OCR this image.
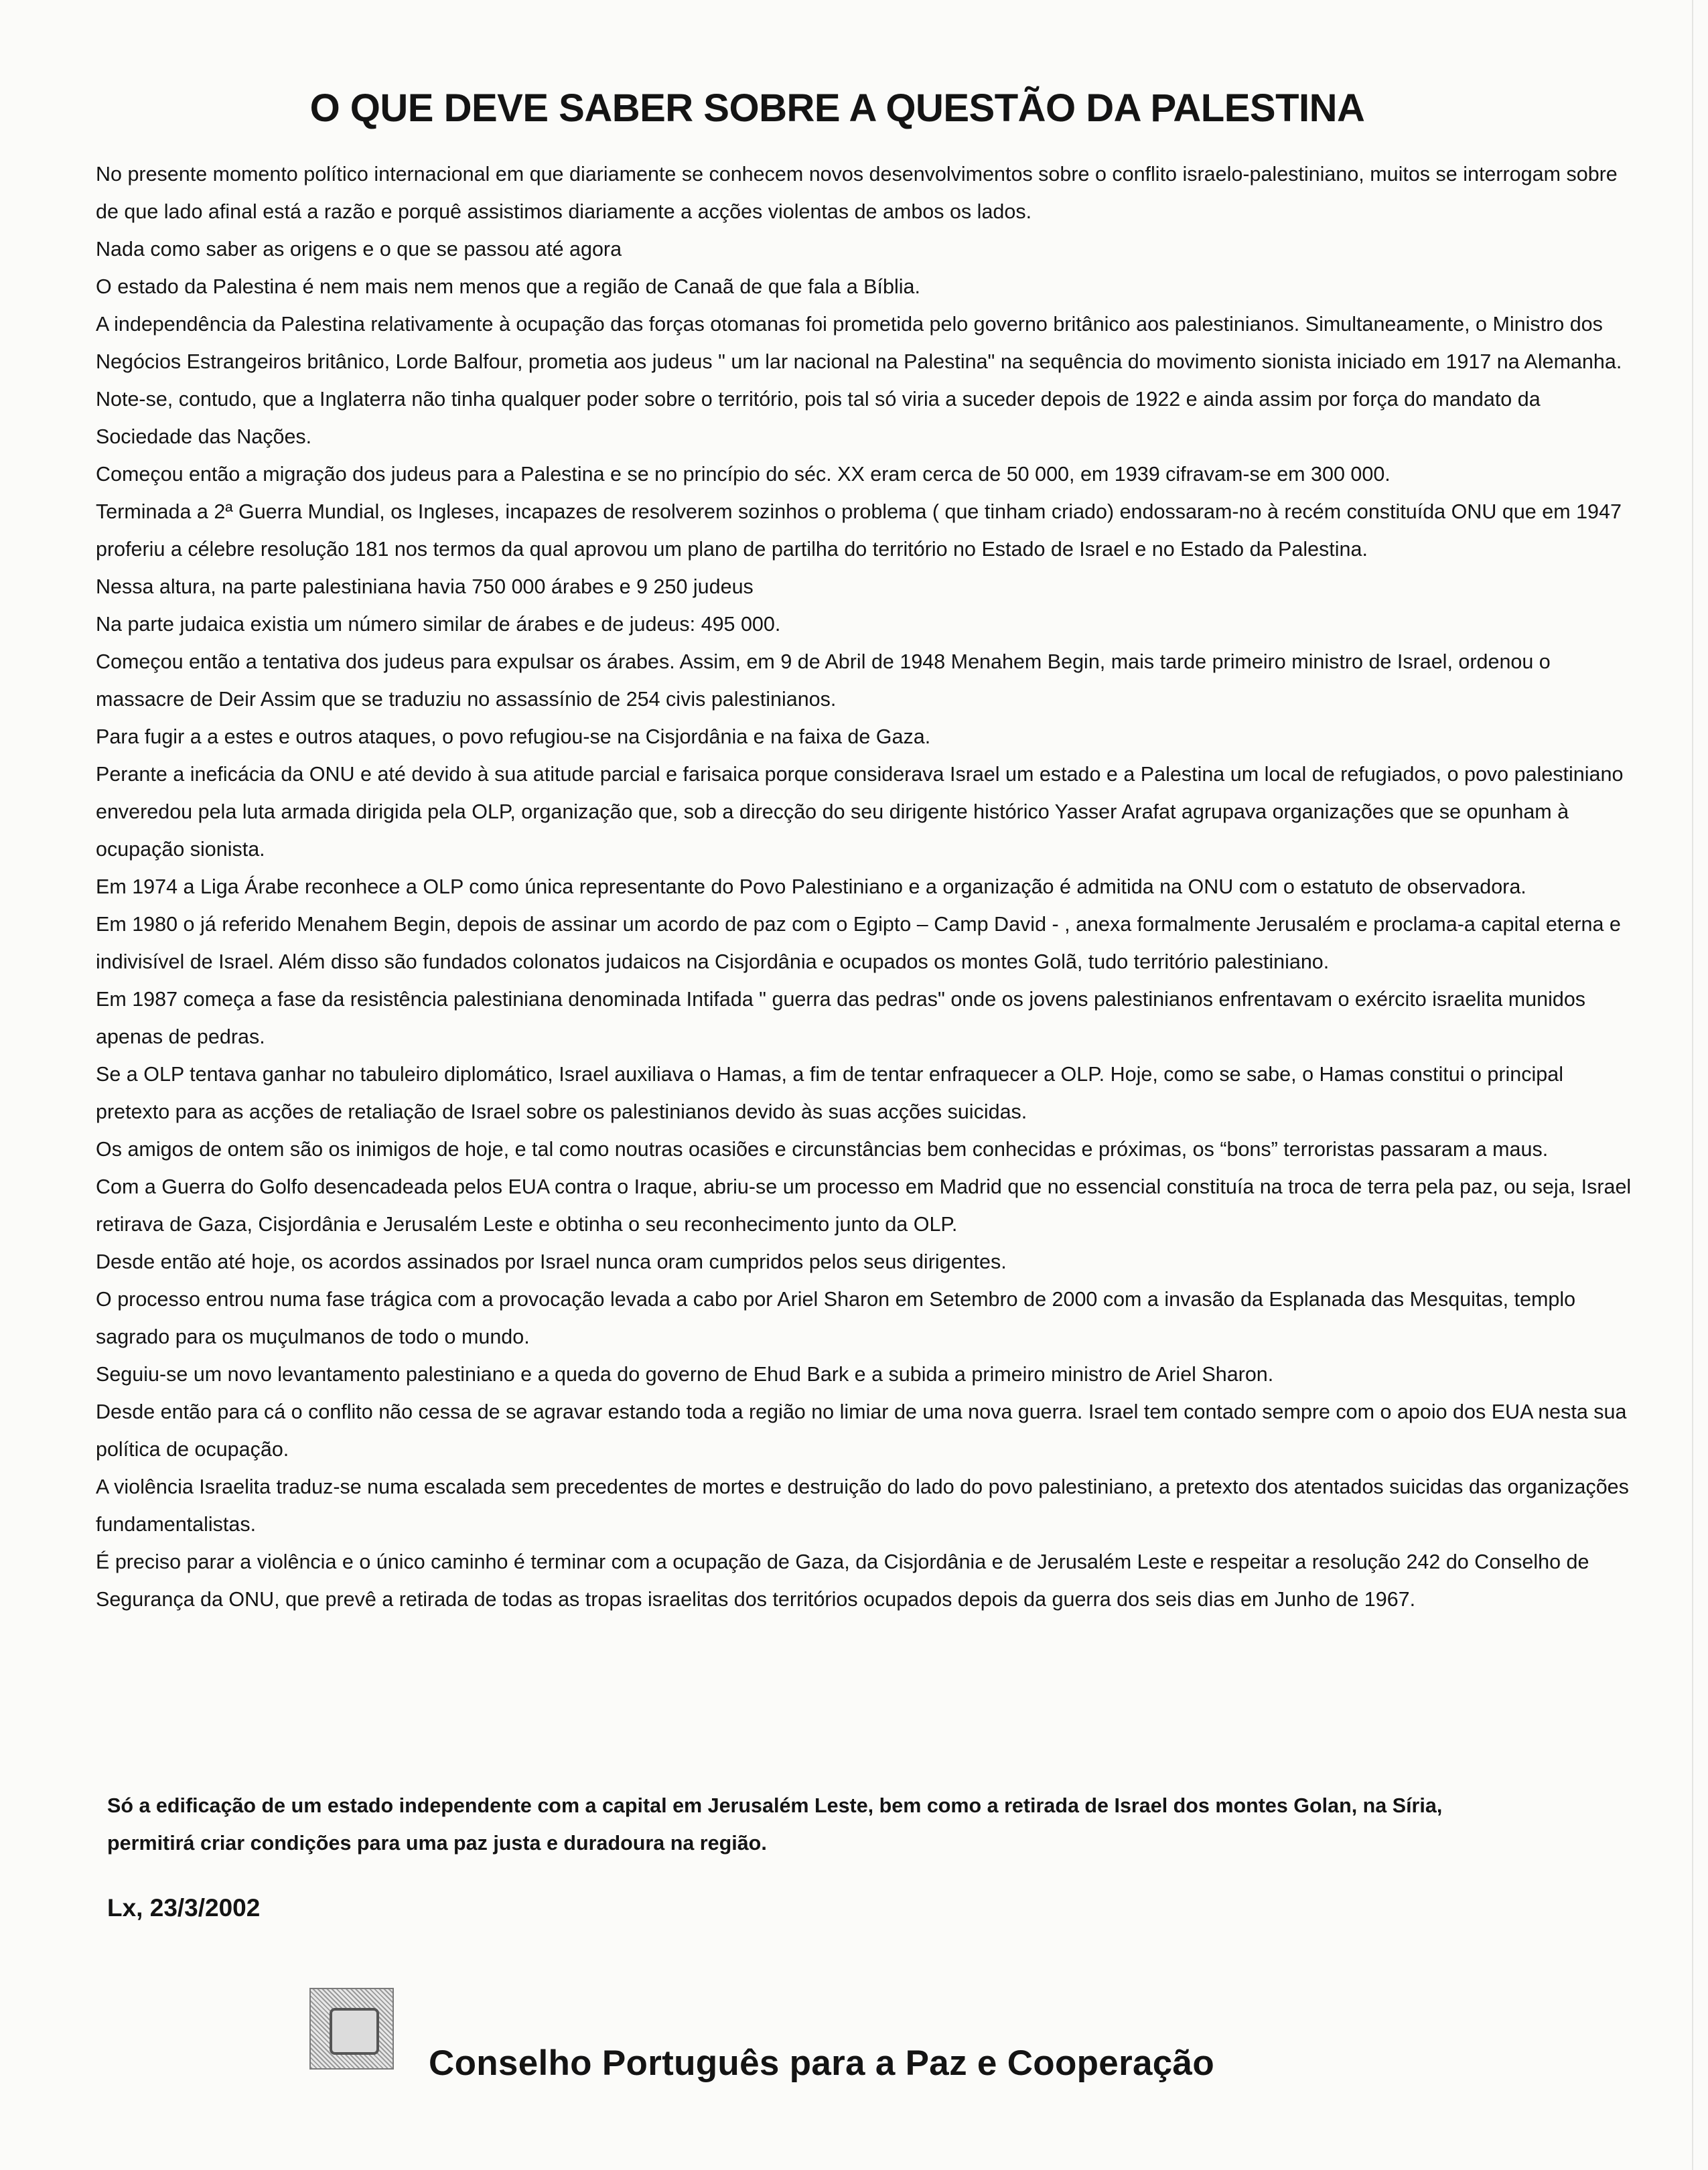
O QUE DEVE SABER SOBRE A QUESTÃO DA PALESTINA

No presente momento político internacional em que diariamente se conhecem novos desenvolvimentos sobre o conflito israelo-palestiniano, muitos se interrogam sobre de que lado afinal está a razão e porquê assistimos diariamente a acções violentas de ambos os lados.

Nada como saber as origens e o que se passou até agora

O estado da Palestina é nem mais nem menos que a região de Canaã de que fala a Bíblia.

A independência da Palestina relativamente à ocupação das forças otomanas foi prometida pelo governo britânico aos palestinianos. Simultaneamente, o Ministro dos Negócios Estrangeiros britânico, Lorde Balfour, prometia aos judeus " um lar nacional na Palestina" na sequência do movimento sionista iniciado em 1917 na Alemanha.

Note-se, contudo, que a Inglaterra não tinha qualquer poder sobre o território, pois tal só viria a suceder depois de 1922 e ainda assim por força do mandato da Sociedade das Nações.

Começou então a migração dos judeus para a Palestina e se no princípio do séc. XX eram cerca de 50 000, em 1939 cifravam-se em 300 000.

Terminada a 2ª Guerra Mundial, os Ingleses, incapazes de resolverem sozinhos o problema ( que tinham criado) endossaram-no à recém constituída ONU que em 1947 proferiu a célebre resolução 181 nos termos da qual aprovou um plano de partilha do território no Estado de Israel e no Estado da Palestina.

Nessa altura, na parte palestiniana havia 750 000 árabes e 9 250 judeus

Na parte judaica existia um número similar de árabes e de judeus: 495 000.

Começou então a tentativa dos judeus para expulsar os árabes. Assim, em 9 de Abril de 1948 Menahem Begin, mais tarde primeiro ministro de Israel, ordenou o massacre de Deir Assim que se traduziu no assassínio de 254 civis palestinianos.

Para fugir a a estes e outros ataques, o povo refugiou-se na Cisjordânia e na faixa de Gaza.

Perante a ineficácia da ONU e até devido à sua atitude parcial e farisaica porque considerava Israel um estado e a Palestina um local de refugiados, o povo palestiniano enveredou pela luta armada dirigida pela OLP, organização que, sob a direcção do seu dirigente histórico Yasser Arafat agrupava organizações que se opunham à ocupação sionista.

Em 1974 a Liga Árabe reconhece a OLP como única representante do Povo Palestiniano e a organização é admitida na ONU com o estatuto de observadora.

Em 1980 o já referido Menahem Begin, depois de assinar um acordo de paz com o Egipto – Camp David - , anexa formalmente Jerusalém e proclama-a capital eterna e indivisível de Israel. Além disso são fundados colonatos judaicos na Cisjordânia e ocupados os montes Golã, tudo território palestiniano.

Em 1987 começa a fase da resistência palestiniana denominada Intifada " guerra das pedras" onde os jovens palestinianos enfrentavam o exército israelita munidos apenas de pedras.

Se a OLP tentava ganhar no tabuleiro diplomático, Israel auxiliava o Hamas, a fim de tentar enfraquecer a OLP. Hoje, como se sabe, o Hamas constitui o principal pretexto para as acções de retaliação de Israel sobre os palestinianos devido às suas acções suicidas.

Os amigos de ontem são os inimigos de hoje, e tal como noutras ocasiões e circunstâncias bem conhecidas e próximas, os “bons” terroristas passaram a maus.

Com a Guerra do Golfo desencadeada pelos EUA contra o Iraque, abriu-se um processo em Madrid que no essencial constituía na troca de terra pela paz, ou seja, Israel retirava de Gaza, Cisjordânia e Jerusalém Leste e obtinha o seu reconhecimento junto da OLP.

Desde então até hoje, os acordos assinados por Israel nunca oram cumpridos pelos seus dirigentes.

O processo entrou numa fase trágica com a provocação levada a cabo por Ariel Sharon em Setembro de 2000 com a invasão da Esplanada das Mesquitas, templo sagrado para os muçulmanos de todo o mundo.

Seguiu-se um novo levantamento palestiniano e a queda do governo de Ehud Bark e a subida a primeiro ministro de Ariel Sharon.

Desde então para cá o conflito não cessa de se agravar estando toda a região no limiar de uma nova guerra. Israel tem contado sempre com o apoio dos EUA nesta sua política de ocupação.

A violência Israelita traduz-se numa escalada sem precedentes de mortes e destruição do lado do povo palestiniano, a pretexto dos atentados suicidas das organizações fundamentalistas.

É preciso parar a violência e o único caminho é terminar com a ocupação de Gaza, da Cisjordânia e de Jerusalém Leste e respeitar a resolução 242 do Conselho de Segurança da ONU, que prevê a retirada de todas as tropas israelitas dos territórios ocupados depois da guerra dos seis dias em Junho de 1967.

Só a edificação de um estado independente com a capital em Jerusalém Leste, bem como a retirada de Israel dos montes Golan, na Síria,

permitirá criar condições para uma paz justa e duradoura na região.

Lx, 23/3/2002

Conselho Português para a Paz e Cooperação
